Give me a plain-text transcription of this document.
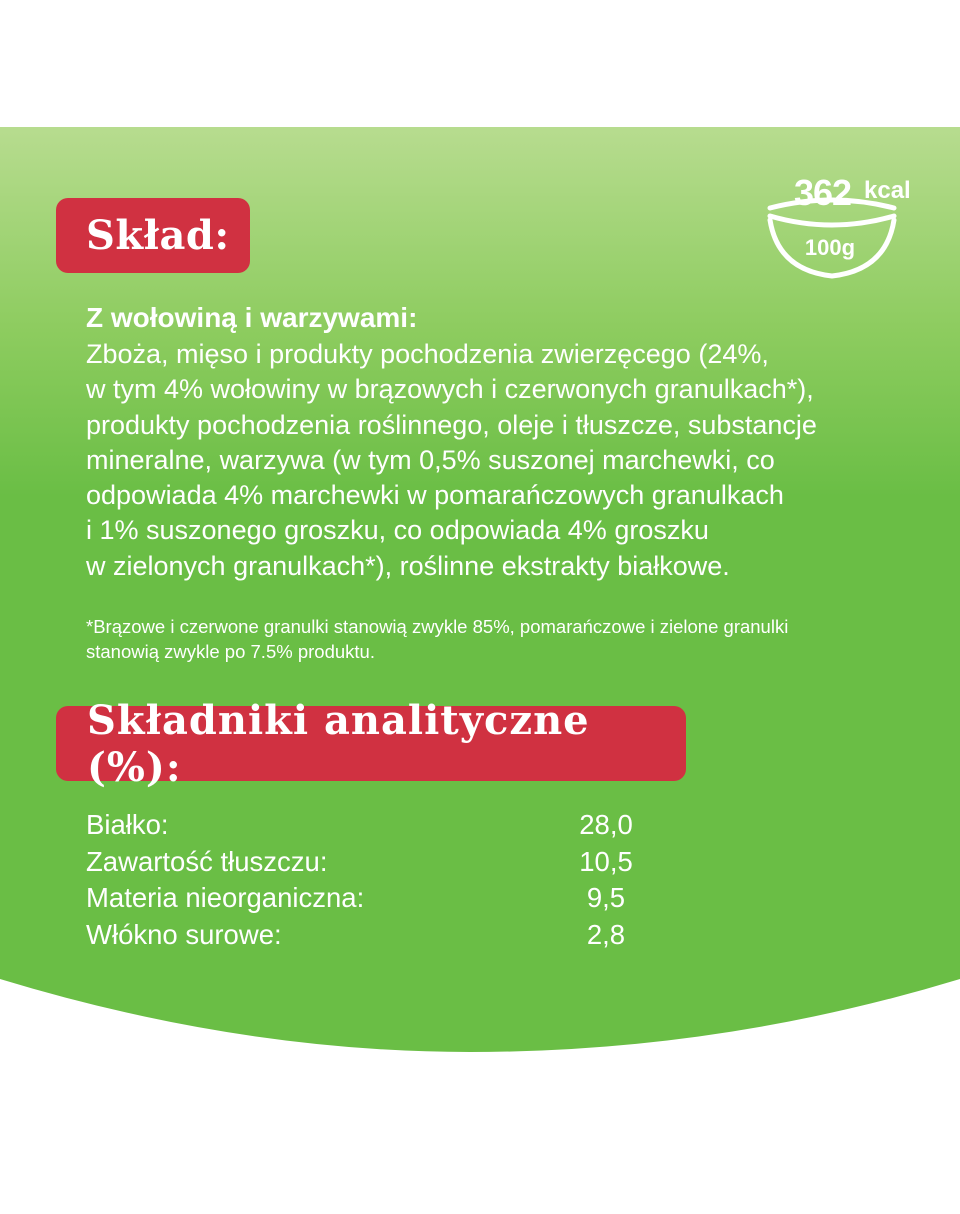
Skład:
362 kcal
100g
Z wołowiną i warzywami:

Zboża, mięso i produkty pochodzenia zwierzęcego (24%,
w tym 4% wołowiny w brązowych i czerwonych granulkach*),
produkty pochodzenia roślinnego, oleje i tłuszcze, substancje
mineralne, warzywa (w tym 0,5% suszonej marchewki, co
odpowiada 4% marchewki w pomarańczowych granulkach
i 1% suszonego groszku, co odpowiada 4% groszku
w zielonych granulkach*), roślinne ekstrakty białkowe.

*Brązowe i czerwone granulki stanowią zwykle 85%, pomarańczowe i zielone granulki
stanowią zwykle po 7.5% produktu.

Składniki analityczne (%):
Białko:	28,0
Zawartość tłuszczu:	10,5
Materia nieorganiczna:	9,5
Włókno surowe:	2,8
